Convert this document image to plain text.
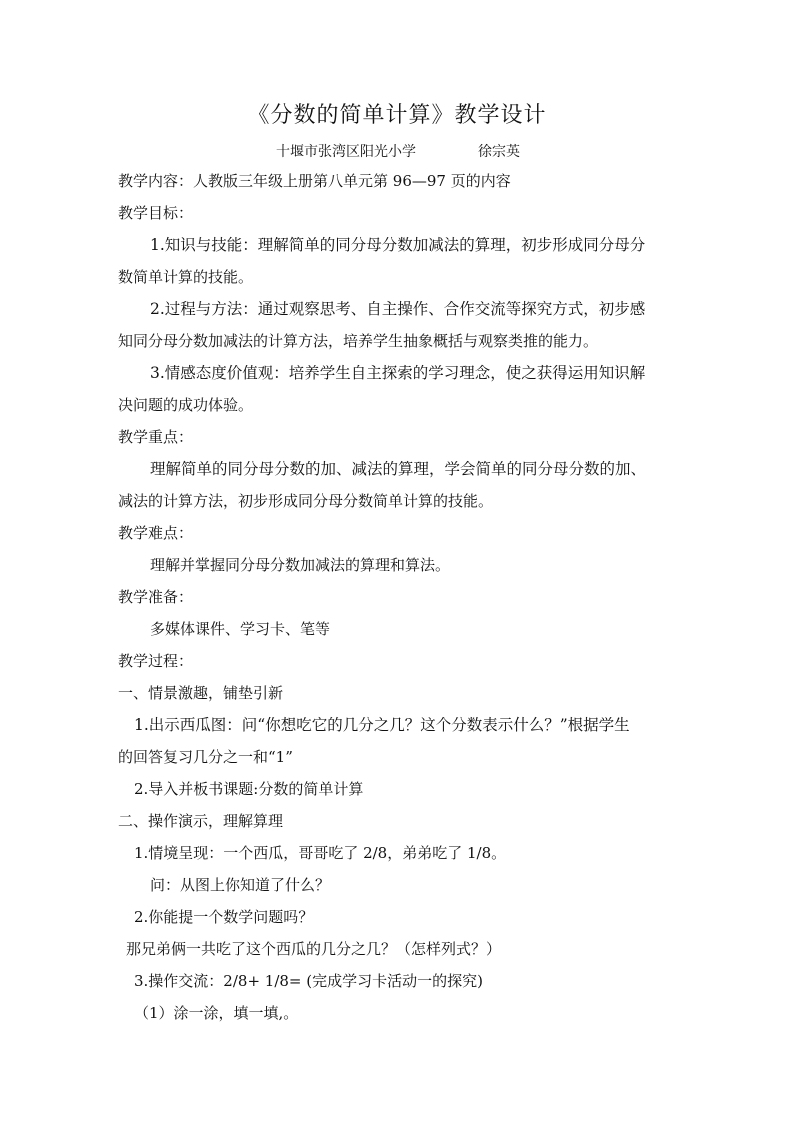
《分数的简单计算》教学设计
十堰市张湾区阳光小学	徐宗英
教学内容：人教版三年级上册第八单元第 96—97 页的内容
教学目标：
1.知识与技能：理解简单的同分母分数加减法的算理，初步形成同分母分
数简单计算的技能。
2.过程与方法：通过观察思考、自主操作、合作交流等探究方式，初步感
知同分母分数加减法的计算方法，培养学生抽象概括与观察类推的能力。
3.情感态度价值观：培养学生自主探索的学习理念，使之获得运用知识解
决问题的成功体验。
教学重点：
理解简单的同分母分数的加、减法的算理，学会简单的同分母分数的加、
减法的计算方法，初步形成同分母分数简单计算的技能。
教学难点：
理解并掌握同分母分数加减法的算理和算法。
教学准备：
多媒体课件、学习卡、笔等
教学过程：
一、情景激趣，铺垫引新
1.出示西瓜图：问“你想吃它的几分之几？这个分数表示什么？”根据学生
的回答复习几分之一和“1”
2.导入并板书课题:分数的简单计算
二、操作演示，理解算理
1.情境呈现：一个西瓜，哥哥吃了 2/8，弟弟吃了 1/8。
问：从图上你知道了什么？
2.你能提一个数学问题吗？
那兄弟俩一共吃了这个西瓜的几分之几？（怎样列式？）
3.操作交流：2/8+ 1/8= (完成学习卡活动一的探究)
（1）涂一涂，填一填,。
